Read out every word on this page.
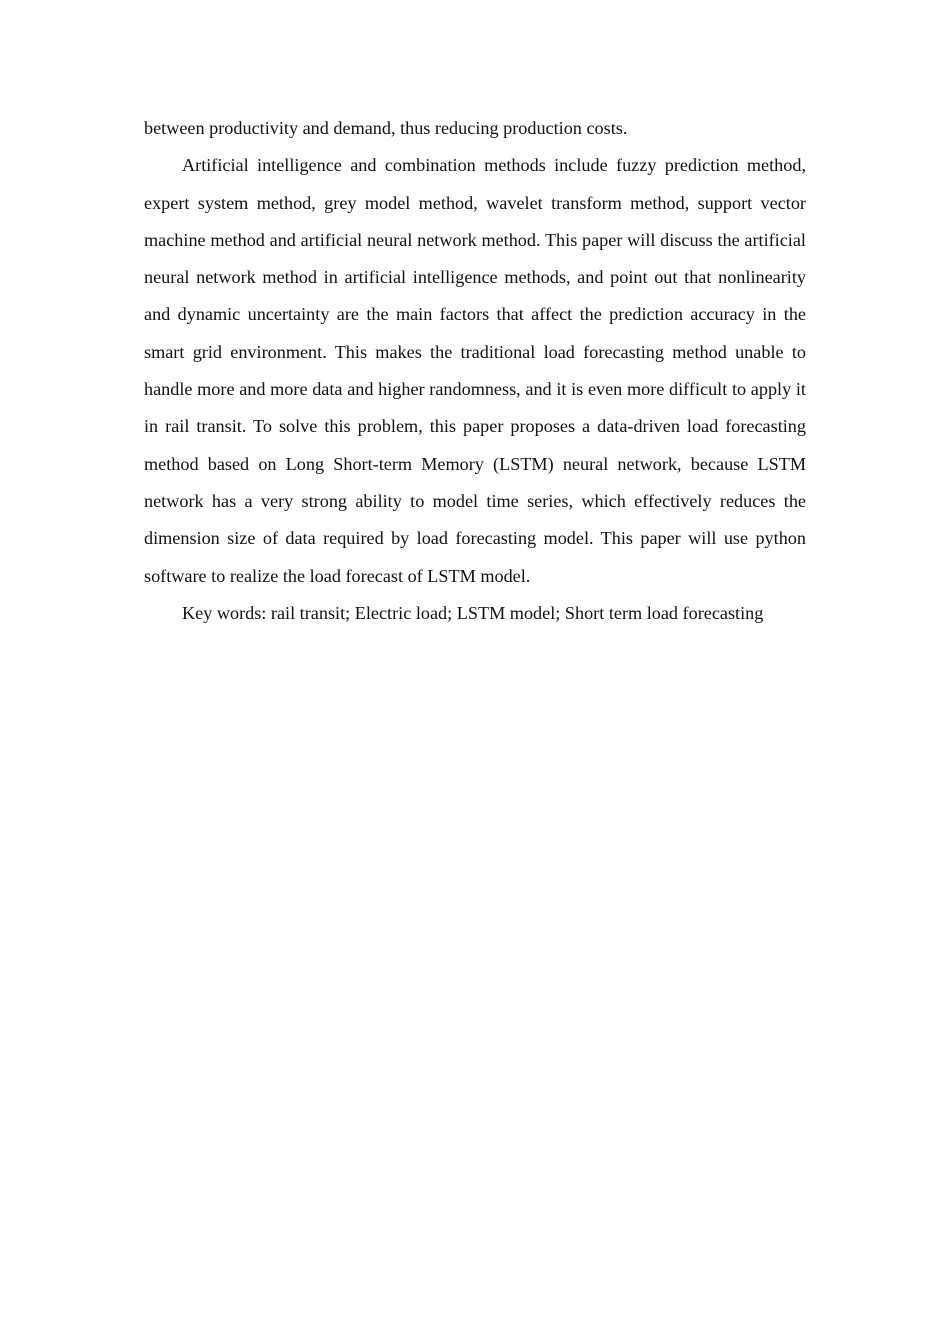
between productivity and demand, thus reducing production costs.

Artificial intelligence and combination methods include fuzzy prediction method, expert system method, grey model method, wavelet transform method, support vector machine method and artificial neural network method. This paper will discuss the artificial neural network method in artificial intelligence methods, and point out that nonlinearity and dynamic uncertainty are the main factors that affect the prediction accuracy in the smart grid environment. This makes the traditional load forecasting method unable to handle more and more data and higher randomness, and it is even more difficult to apply it in rail transit. To solve this problem, this paper proposes a data-driven load forecasting method based on Long Short-term Memory (LSTM) neural network, because LSTM network has a very strong ability to model time series, which effectively reduces the dimension size of data required by load forecasting model. This paper will use python software to realize the load forecast of LSTM model.

Key words: rail transit; Electric load; LSTM model; Short term load forecasting
